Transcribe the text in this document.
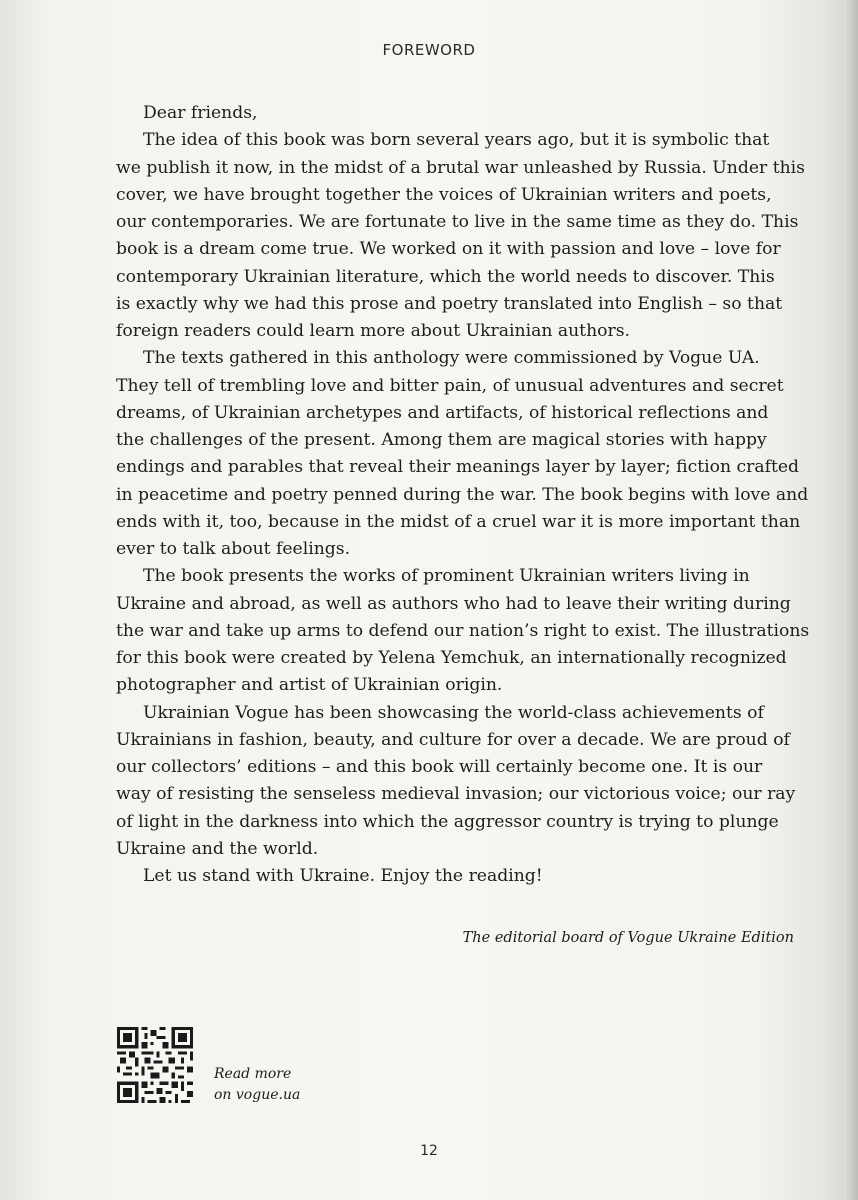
FOREWORD
Dear friends,
The idea of this book was born several years ago, but it is symbolic that
we publish it now, in the midst of a brutal war unleashed by Russia. Under this
cover, we have brought together the voices of Ukrainian writers and poets,
our contemporaries. We are fortunate to live in the same time as they do. This
book is a dream come true. We worked on it with passion and love – love for
contemporary Ukrainian literature, which the world needs to discover. This
is exactly why we had this prose and poetry translated into English – so that
foreign readers could learn more about Ukrainian authors.
The texts gathered in this anthology were commissioned by Vogue UA.
They tell of trembling love and bitter pain, of unusual adventures and secret
dreams, of Ukrainian archetypes and artifacts, of historical reflections and
the challenges of the present. Among them are magical stories with happy
endings and parables that reveal their meanings layer by layer; fiction crafted
in peacetime and poetry penned during the war. The book begins with love and
ends with it, too, because in the midst of a cruel war it is more important than
ever to talk about feelings.
The book presents the works of prominent Ukrainian writers living in
Ukraine and abroad, as well as authors who had to leave their writing during
the war and take up arms to defend our nation’s right to exist. The illustrations
for this book were created by Yelena Yemchuk, an internationally recognized
photographer and artist of Ukrainian origin.
Ukrainian Vogue has been showcasing the world-class achievements of
Ukrainians in fashion, beauty, and culture for over a decade. We are proud of
our collectors’ editions – and this book will certainly become one. It is our
way of resisting the senseless medieval invasion; our victorious voice; our ray
of light in the darkness into which the aggressor country is trying to plunge
Ukraine and the world.
Let us stand with Ukraine. Enjoy the reading!
The editorial board of Vogue Ukraine Edition
Read more
on vogue.ua
12
